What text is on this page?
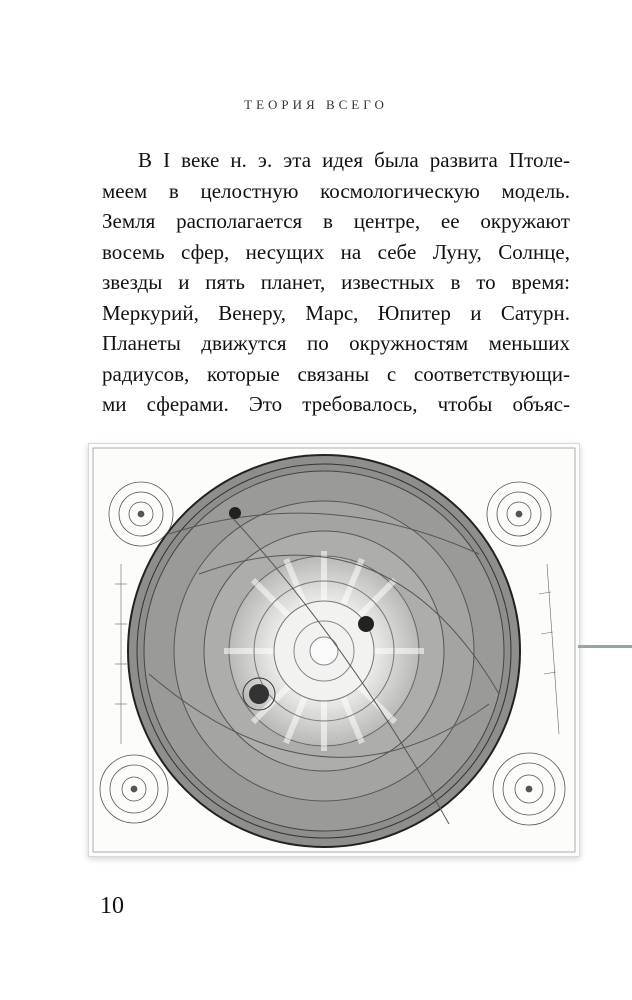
ТЕОРИЯ ВСЕГО
В I веке н. э. эта идея была развита Птоле-
меем в целостную космологическую модель.
Земля располагается в центре, ее окружают
восемь сфер, несущих на себе Луну, Солнце,
звезды и пять планет, известных в то время:
Меркурий, Венеру, Марс, Юпитер и Сатурн.
Планеты движутся по окружностям меньших
радиусов, которые связаны с соответствующи-
ми сферами. Это требовалось, чтобы объяс-
10
